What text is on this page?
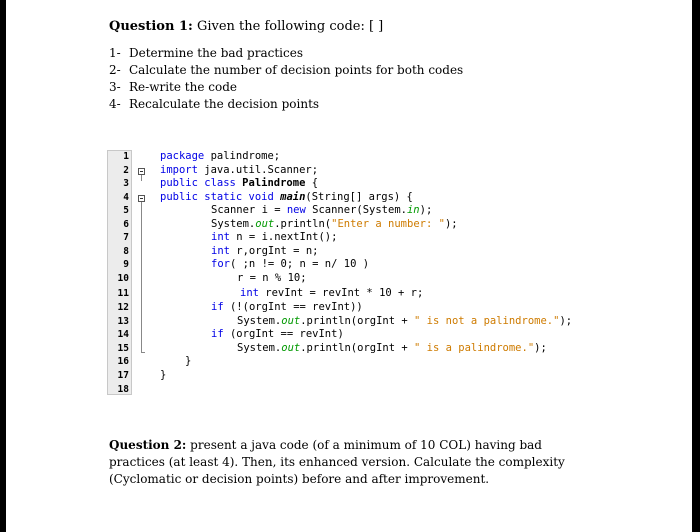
Question 1: Given the following code: [ ]
1- Determine the bad practices
2- Calculate the number of decision points for both codes
3- Re-write the code
4- Recalculate the decision points
1	package palindrome;
2	import java.util.Scanner;
3	public class Palindrome {
4	public static void main(String[] args) {
5	Scanner i = new Scanner(System.in);
6	System.out.println("Enter a number: ");
7	int n = i.nextInt();
8	int r,orgInt = n;
9	for( ;n != 0; n = n/ 10 )
10	r = n % 10;
11	int revInt = revInt * 10 + r;
12	if (!(orgInt == revInt))
13	System.out.println(orgInt + " is not a palindrome.");
14	if (orgInt == revInt)
15	System.out.println(orgInt + " is a palindrome.");
16	}
17	}
18
Question 2: present a java code (of a minimum of 10 COL) having bad practices (at least 4). Then, its enhanced version. Calculate the complexity (Cyclomatic or decision points) before and after improvement.
